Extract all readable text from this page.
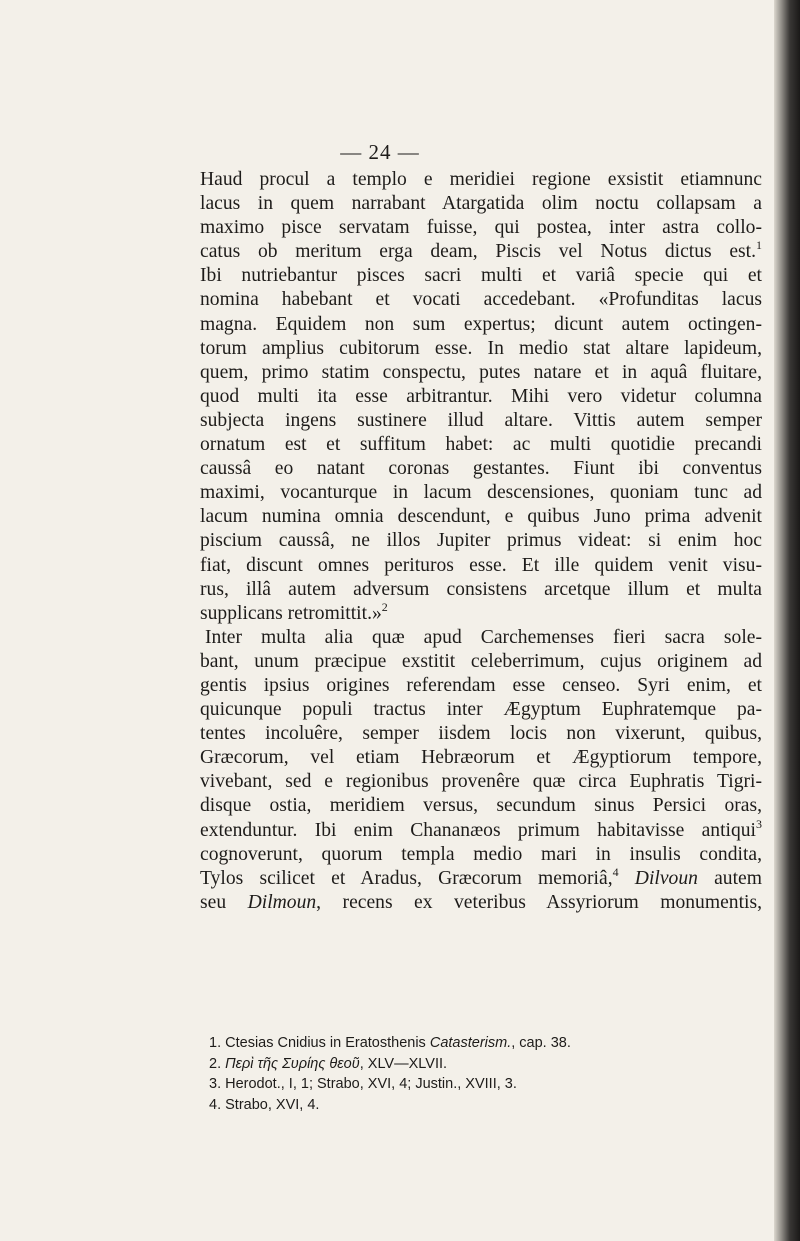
— 24 —
Haud procul a templo e meridiei regione exsistit etiamnunc
lacus in quem narrabant Atargatida olim noctu collapsam a
maximo pisce servatam fuisse, qui postea, inter astra collo-
catus ob meritum erga deam, Piscis vel Notus dictus est.$^1$
Ibi nutriebantur pisces sacri multi et variâ specie qui et
nomina habebant et vocati accedebant. «Profunditas lacus
magna. Equidem non sum expertus; dicunt autem octingen-
torum amplius cubitorum esse. In medio stat altare lapideum,
quem, primo statim conspectu, putes natare et in aquâ fluitare,
quod multi ita esse arbitrantur. Mihi vero videtur columna
subjecta ingens sustinere illud altare. Vittis autem semper
ornatum est et suffitum habet: ac multi quotidie precandi
caussâ eo natant coronas gestantes. Fiunt ibi conventus
maximi, vocanturque in lacum descensiones, quoniam tunc ad
lacum numina omnia descendunt, e quibus Juno prima advenit
piscium caussâ, ne illos Jupiter primus videat: si enim hoc
fiat, discunt omnes perituros esse. Et ille quidem venit visu-
rus, illâ autem adversum consistens arcetque illum et multa
supplicans retromittit.»$^2$
Inter multa alia quæ apud Carchemenses fieri sacra sole-
bant, unum præcipue exstitit celeberrimum, cujus originem ad
gentis ipsius origines referendam esse censeo. Syri enim, et
quicunque populi tractus inter Ægyptum Euphratemque pa-
tentes incoluêre, semper iisdem locis non vixerunt, quibus,
Græcorum, vel etiam Hebræorum et Ægyptiorum tempore,
vivebant, sed e regionibus provenêre quæ circa Euphratis Tigri-
disque ostia, meridiem versus, secundum sinus Persici oras,
extenduntur. Ibi enim Chananæos primum habitavisse antiqui$^3$
cognoverunt, quorum templa medio mari in insulis condita,
Tylos scilicet et Aradus, Græcorum memoriâ,$^4$ Dilvoun autem
seu Dilmoun, recens ex veteribus Assyriorum monumentis,
1. Ctesias Cnidius in Eratosthenis Catasterism., cap. 38.
2. Περὶ τῆς Συρίης θεοῦ, XLV—XLVII.
3. Herodot., I, 1; Strabo, XVI, 4; Justin., XVIII, 3.
4. Strabo, XVI, 4.
